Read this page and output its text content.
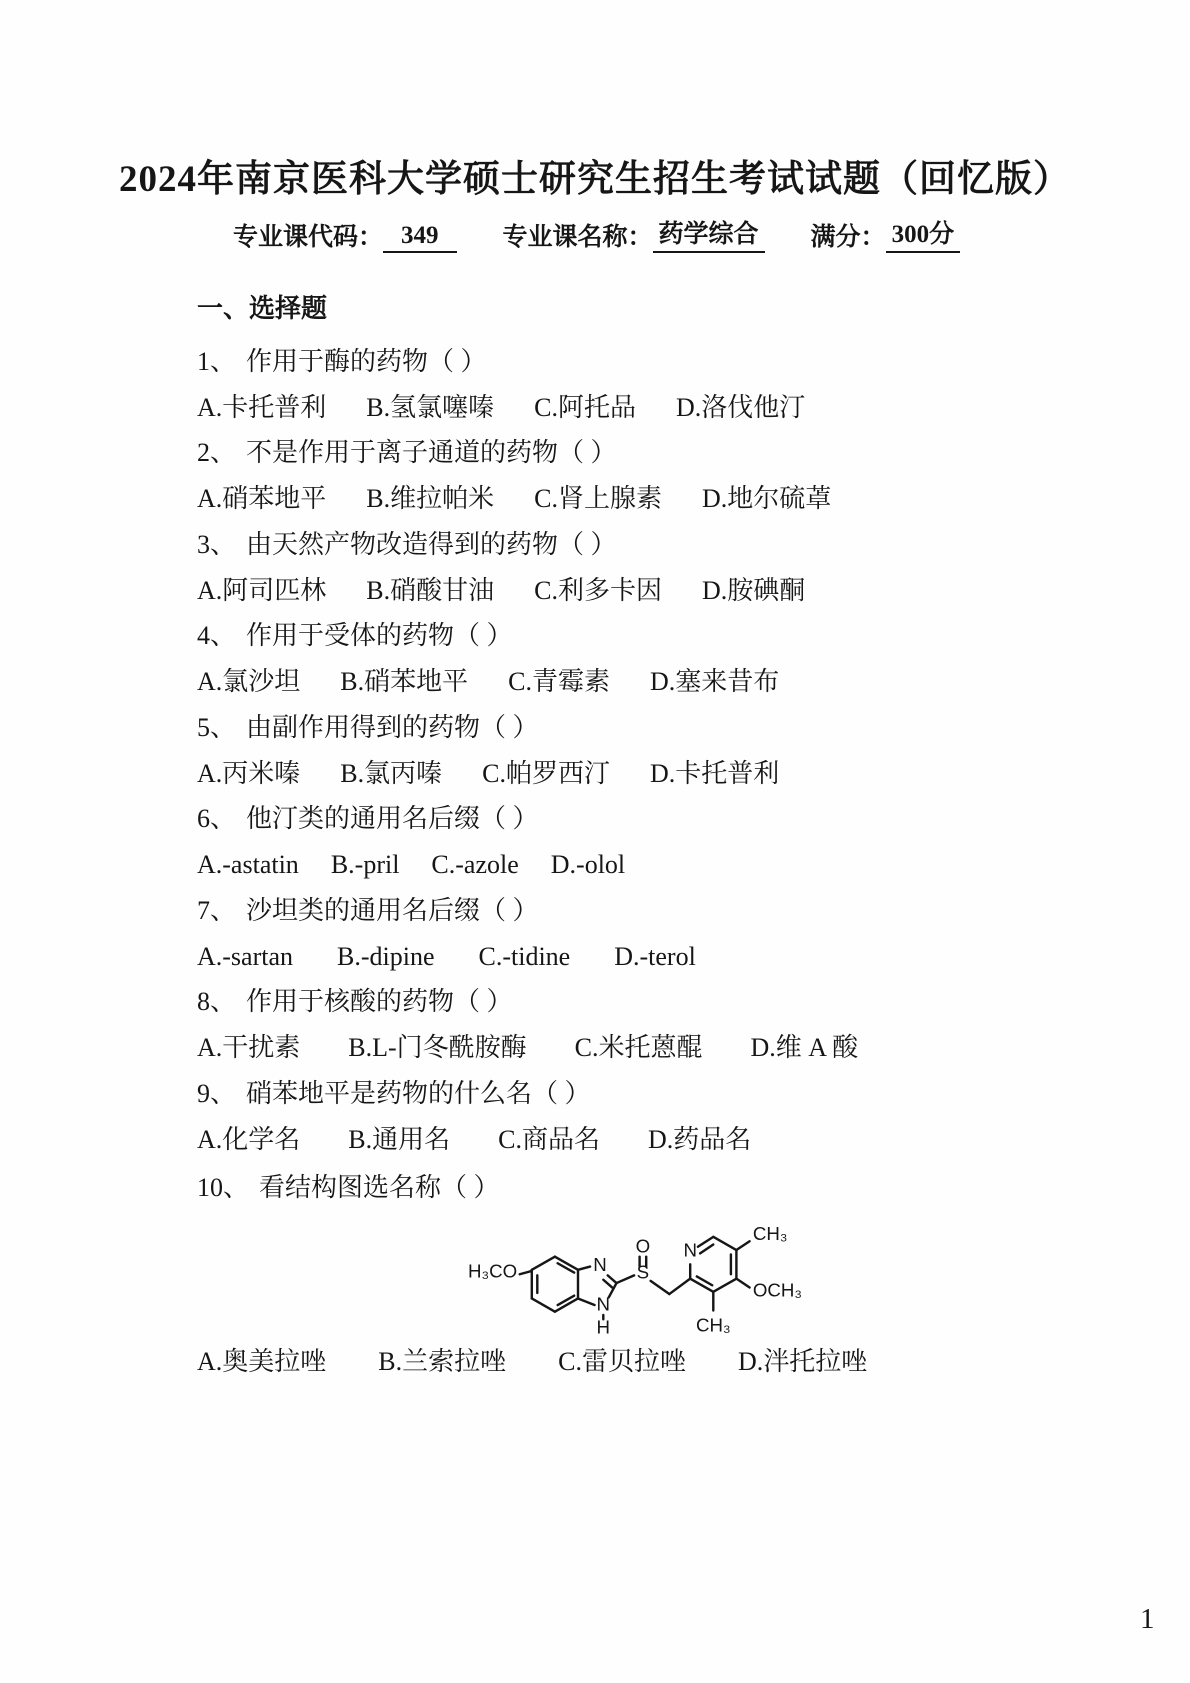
2024年南京医科大学硕士研究生招生考试试题（回忆版）
专业课代码： 349	专业课名称： 药学综合 满分： 300分
一、选择题
1、 作用于酶的药物（ ）
A.卡托普利 B.氢氯噻嗪 C.阿托品 D.洛伐他汀
2、 不是作用于离子通道的药物（ ）
A.硝苯地平 B.维拉帕米 C.肾上腺素 D.地尔硫䓬
3、 由天然产物改造得到的药物（ ）
A.阿司匹林 B.硝酸甘油 C.利多卡因 D.胺碘酮
4、 作用于受体的药物（ ）
A.氯沙坦 B.硝苯地平 C.青霉素 D.塞来昔布
5、 由副作用得到的药物（ ）
A.丙米嗪 B.氯丙嗪 C.帕罗西汀 D.卡托普利
6、 他汀类的通用名后缀（ ）
A.-astatin B.-pril C.-azole D.-olol
7、 沙坦类的通用名后缀（ ）
A.-sartan B.-dipine C.-tidine D.-terol
8、 作用于核酸的药物（ ）
A.干扰素 B.L-门冬酰胺酶 C.米托蒽醌 D.维 A 酸
9、 硝苯地平是药物的什么名（ ）
A.化学名 B.通用名 C.商品名 D.药品名
10、 看结构图选名称（ ）
H₃CO	N
N
H
S
O N
CH₃
OCH₃
CH₃
A.奥美拉唑 B.兰索拉唑 C.雷贝拉唑 D.泮托拉唑
1
